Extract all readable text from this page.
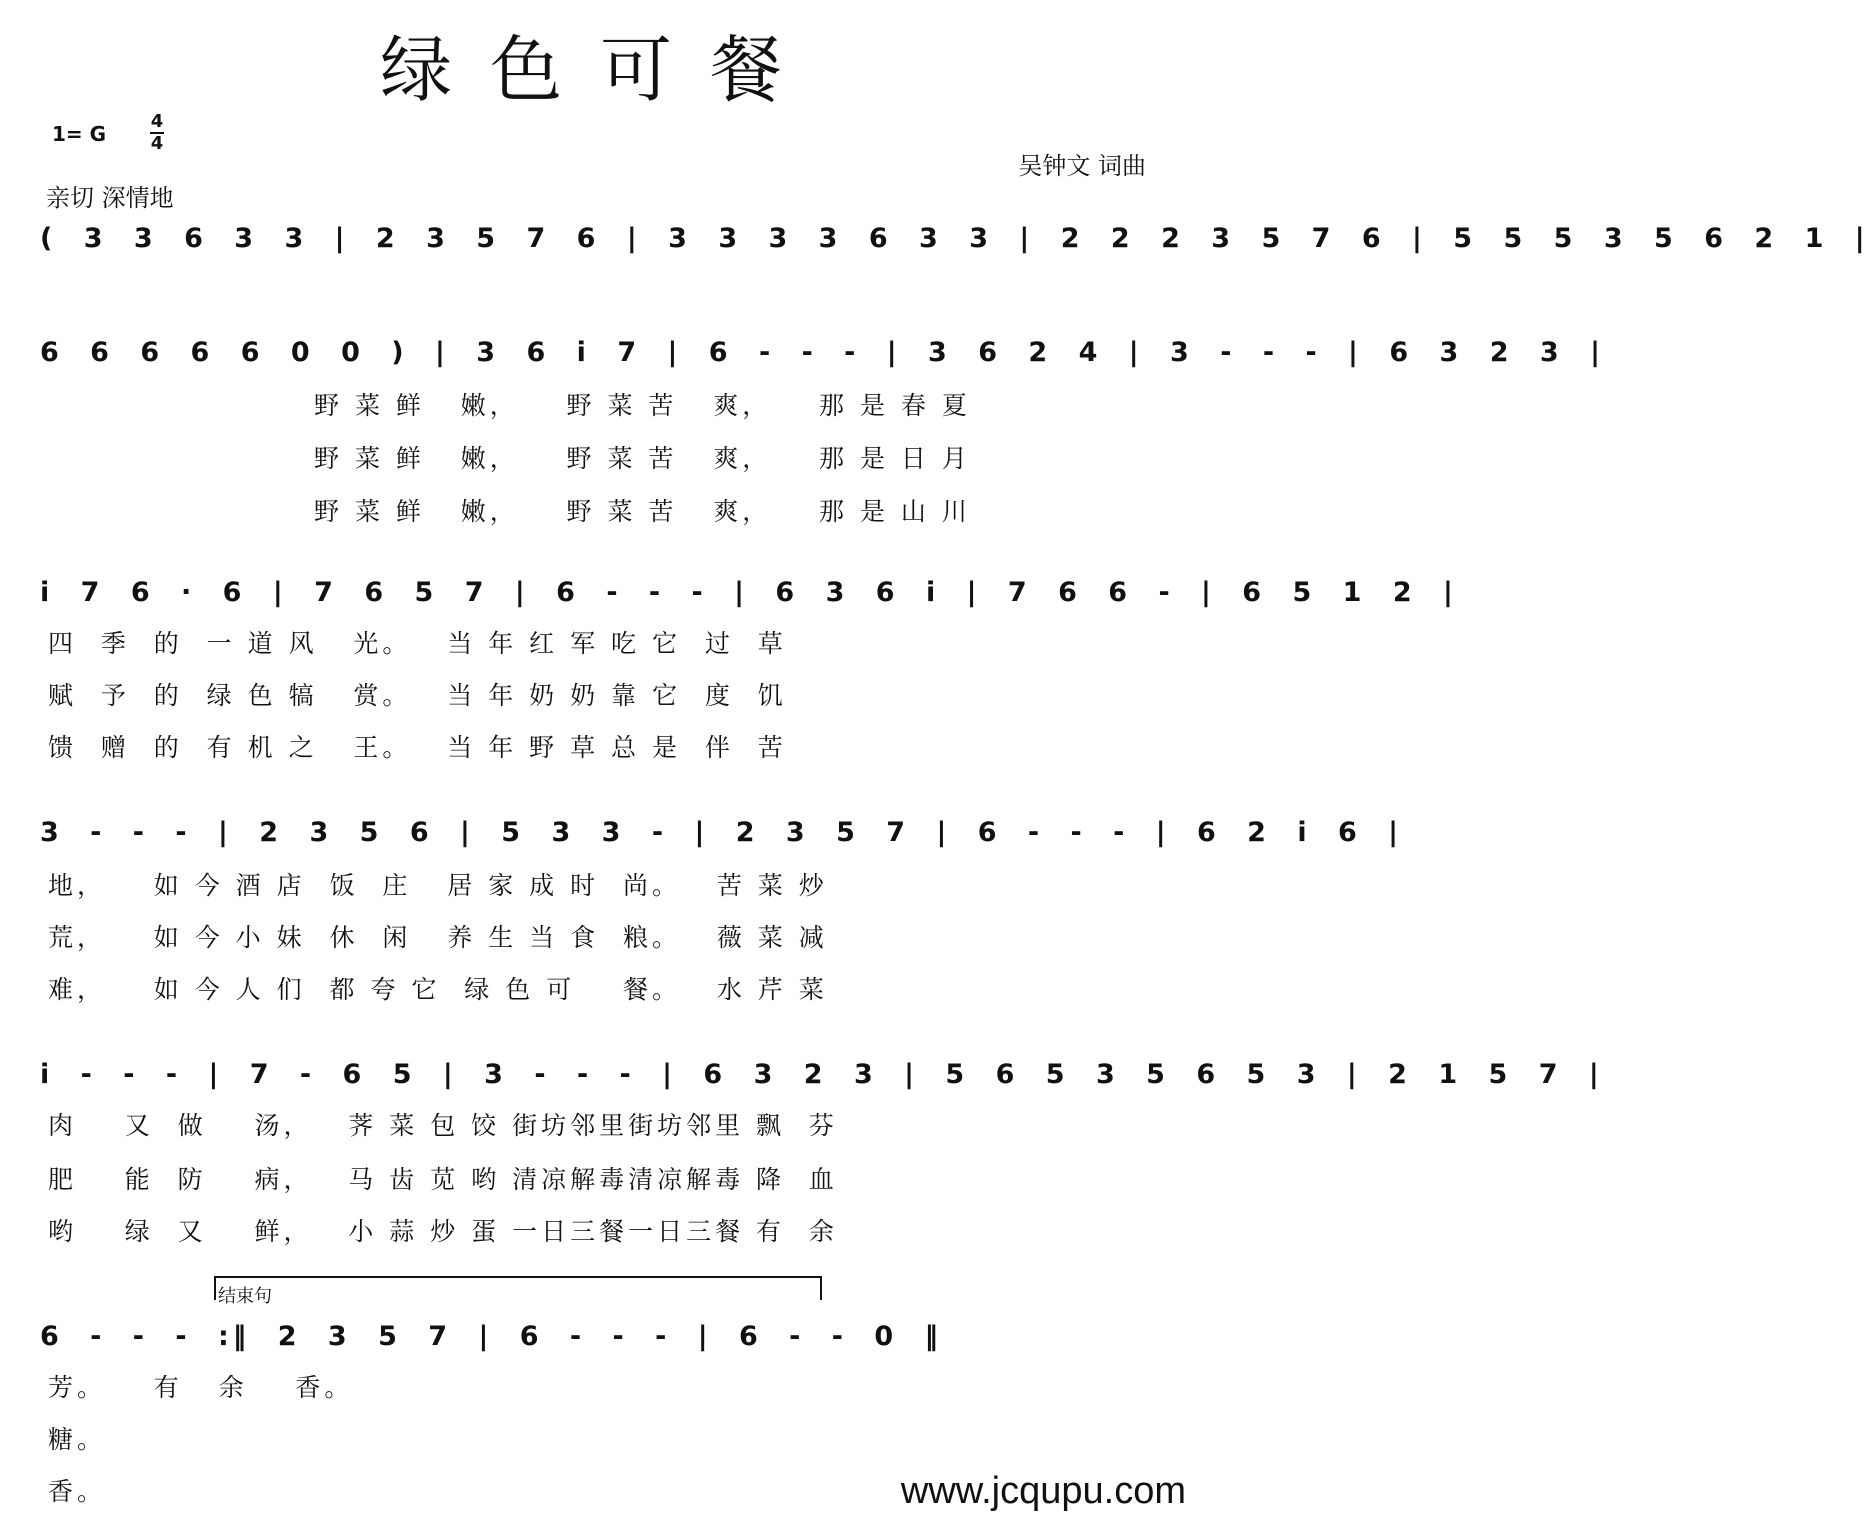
绿色可餐
1= G
4
4
吴钟文 词曲
亲切 深情地
( 3 3 6 3 3 | 2 3 5 7 6 | 3 3 3 3 6 3 3 | 2 2 2 3 5 7 6 | 5 5 5 3 5 6 2 1 |
6 6 6 6 6 0 0 ) | 3 6 i 7 | 6 - - - | 3 6 2 4 | 3 - - - | 6 3 2 3 |
野 菜 鲜   嫩，    野 菜 苦   爽，    那 是 春 夏
野 菜 鲜   嫩，    野 菜 苦   爽，    那 是 日 月
野 菜 鲜   嫩，    野 菜 苦   爽，    那 是 山 川
i 7 6 · 6 | 7 6 5 7 | 6 - - - | 6 3 6 i | 7 6 6 - | 6 5 1 2 |
四  季  的  一 道 风   光。   当 年 红 军 吃 它  过  草
赋  予  的  绿 色 犒   赏。   当 年 奶 奶 靠 它  度  饥
馈  赠  的  有 机 之   王。   当 年 野 草 总 是  伴  苦
3 - - - | 2 3 5 6 | 5 3 3 - | 2 3 5 7 | 6 - - - | 6 2 i 6 |
地，    如 今 酒 店  饭  庄   居 家 成 时  尚。   苦 菜 炒
荒，    如 今 小 妹  休  闲   养 生 当 食  粮。   薇 菜 减
难，    如 今 人 们  都 夸 它  绿 色 可    餐。   水 芹 菜
i - - - | 7 - 6 5 | 3 - - - | 6 3 2 3 | 5 6 5 3 5 6 5 3 | 2 1 5 7 |
肉    又  做    汤，   荠 菜 包 饺 街坊邻里街坊邻里 飘  芬
肥    能  防    病，   马 齿 苋 哟 清凉解毒清凉解毒 降  血
哟    绿  又    鲜，   小 蒜 炒 蛋 一日三餐一日三餐 有  余
结束句
6 - - - :‖ 2 3 5 7 | 6 - - - | 6 - - 0 ‖
芳。    有   余    香。
糖。
香。	www.jcqupu.com
